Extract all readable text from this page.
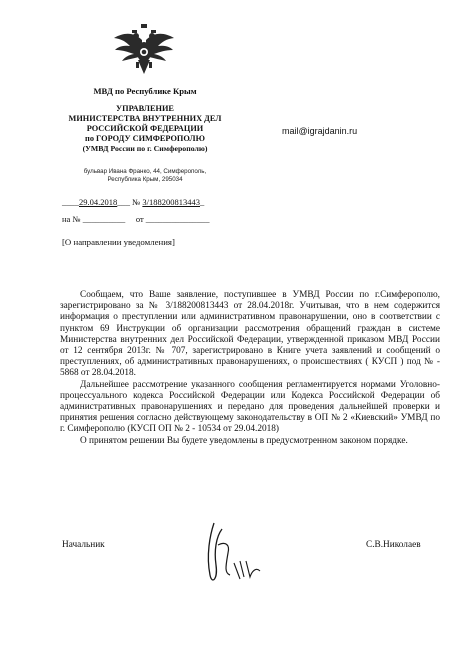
МВД по Республике Крым
УПРАВЛЕНИЕ
МИНИСТЕРСТВА ВНУТРЕННИХ ДЕЛ
РОССИЙСКОЙ ФЕДЕРАЦИИ
по ГОРОДУ СИМФЕРОПОЛЮ
(УМВД России по г. Симферополю)
бульвар Ивана Франко, 44, Симферополь,
Республика Крым, 295034
mail@igrajdanin.ru
____29.04.2018___ № 3/188200813443_
на № __________ от _______________
[О направлении уведомления]

Сообщаем, что Ваше заявление, поступившее в УМВД России по г.Симферополю, зарегистрировано за № 3/188200813443 от 28.04.2018г. Учитывая, что в нем содержится информация о преступлении или административном правонарушении, оно в соответствии с пунктом 69 Инструкции об организации рассмотрения обращений граждан в системе Министерства внутренних дел Российской Федерации, утвержденной приказом МВД России от 12 сентября 2013г. № 707, зарегистрировано в Книге учета заявлений и сообщений о преступлениях, об административных правонарушениях, о происшествиях ( КУСП ) под № - 5868 от 28.04.2018.

Дальнейшее рассмотрение указанного сообщения регламентируется нормами Уголовно-процессуального кодекса Российской Федерации или Кодекса Российской Федерации об административных правонарушениях и передано для проведения дальнейшей проверки и принятия решения согласно действующему законодательству в ОП № 2 «Киевский» УМВД по г. Симферополю (КУСП ОП № 2 - 10534 от 29.04.2018)

О принятом решении Вы будете уведомлены в предусмотренном законом порядке.

Начальник	С.В.Николаев
